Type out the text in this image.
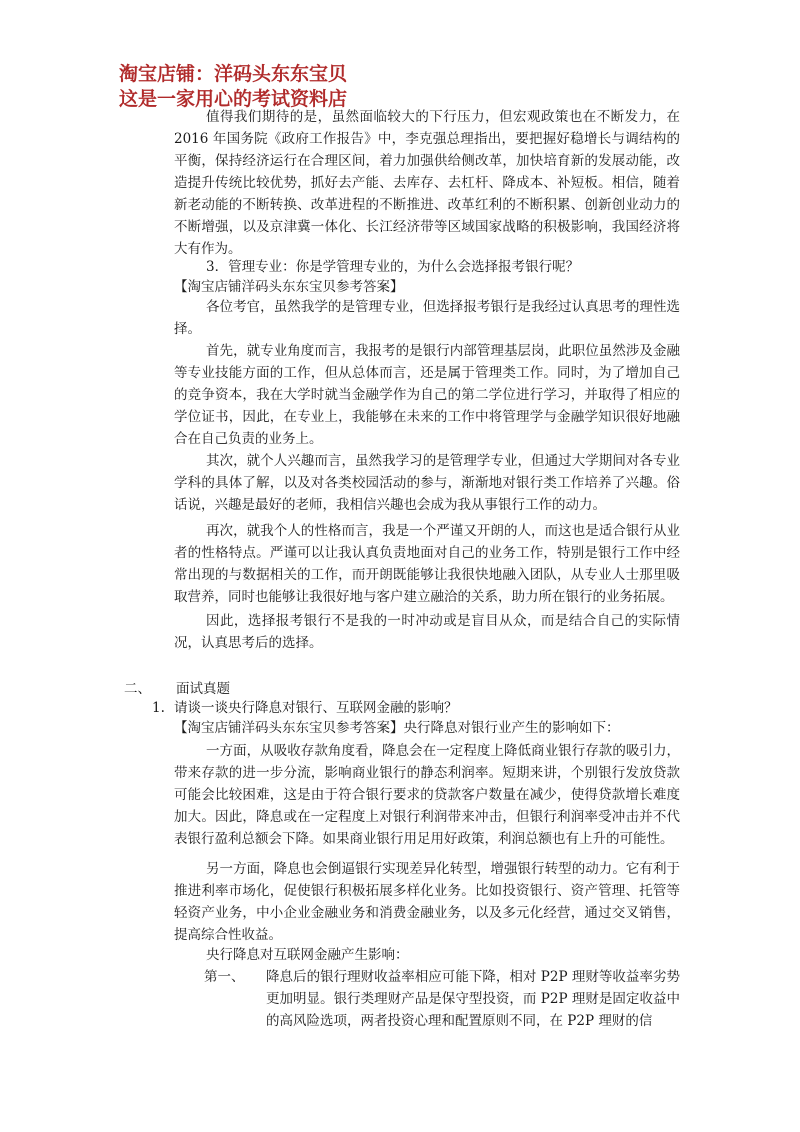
淘宝店铺：洋码头东东宝贝
这是一家用心的考试资料店
值得我们期待的是，虽然面临较大的下行压力，但宏观政策也在不断发力，在 2016 年国务院《政府工作报告》中，李克强总理指出，要把握好稳增长与调结构的平衡，保持经济运行在合理区间，着力加强供给侧改革，加快培育新的发展动能，改造提升传统比较优势，抓好去产能、去库存、去杠杆、降成本、补短板。相信，随着新老动能的不断转换、改革进程的不断推进、改革红利的不断积累、创新创业动力的不断增强，以及京津冀一体化、长江经济带等区域国家战略的积极影响，我国经济将大有作为。
3．管理专业：你是学管理专业的，为什么会选择报考银行呢？
【淘宝店铺洋码头东东宝贝参考答案】
各位考官，虽然我学的是管理专业，但选择报考银行是我经过认真思考的理性选择。
首先，就专业角度而言，我报考的是银行内部管理基层岗，此职位虽然涉及金融等专业技能方面的工作，但从总体而言，还是属于管理类工作。同时，为了增加自己的竞争资本，我在大学时就当金融学作为自己的第二学位进行学习，并取得了相应的学位证书，因此，在专业上，我能够在未来的工作中将管理学与金融学知识很好地融合在自己负责的业务上。
其次，就个人兴趣而言，虽然我学习的是管理学专业，但通过大学期间对各专业学科的具体了解，以及对各类校园活动的参与，渐渐地对银行类工作培养了兴趣。俗话说，兴趣是最好的老师，我相信兴趣也会成为我从事银行工作的动力。
再次，就我个人的性格而言，我是一个严谨又开朗的人，而这也是适合银行从业者的性格特点。严谨可以让我认真负责地面对自己的业务工作，特别是银行工作中经常出现的与数据相关的工作，而开朗既能够让我很快地融入团队，从专业人士那里吸取营养，同时也能够让我很好地与客户建立融洽的关系，助力所在银行的业务拓展。
因此，选择报考银行不是我的一时冲动或是盲目从众，而是结合自己的实际情况，认真思考后的选择。
二、 面试真题
1. 请谈一谈央行降息对银行、互联网金融的影响？
【淘宝店铺洋码头东东宝贝参考答案】央行降息对银行业产生的影响如下：
一方面，从吸收存款角度看，降息会在一定程度上降低商业银行存款的吸引力，带来存款的进一步分流，影响商业银行的静态利润率。短期来讲，个别银行发放贷款可能会比较困难，这是由于符合银行要求的贷款客户数量在减少，使得贷款增长难度加大。因此，降息或在一定程度上对银行利润带来冲击，但银行利润率受冲击并不代表银行盈利总额会下降。如果商业银行用足用好政策，利润总额也有上升的可能性。
另一方面，降息也会倒逼银行实现差异化转型，增强银行转型的动力。它有利于推进利率市场化，促使银行积极拓展多样化业务。比如投资银行、资产管理、托管等轻资产业务，中小企业金融业务和消费金融业务，以及多元化经营，通过交叉销售，提高综合性收益。
央行降息对互联网金融产生影响：
第一、 降息后的银行理财收益率相应可能下降，相对 P2P 理财等收益率劣势更加明显。银行类理财产品是保守型投资，而 P2P 理财是固定收益中的高风险选项，两者投资心理和配置原则不同，在 P2P 理财的信
